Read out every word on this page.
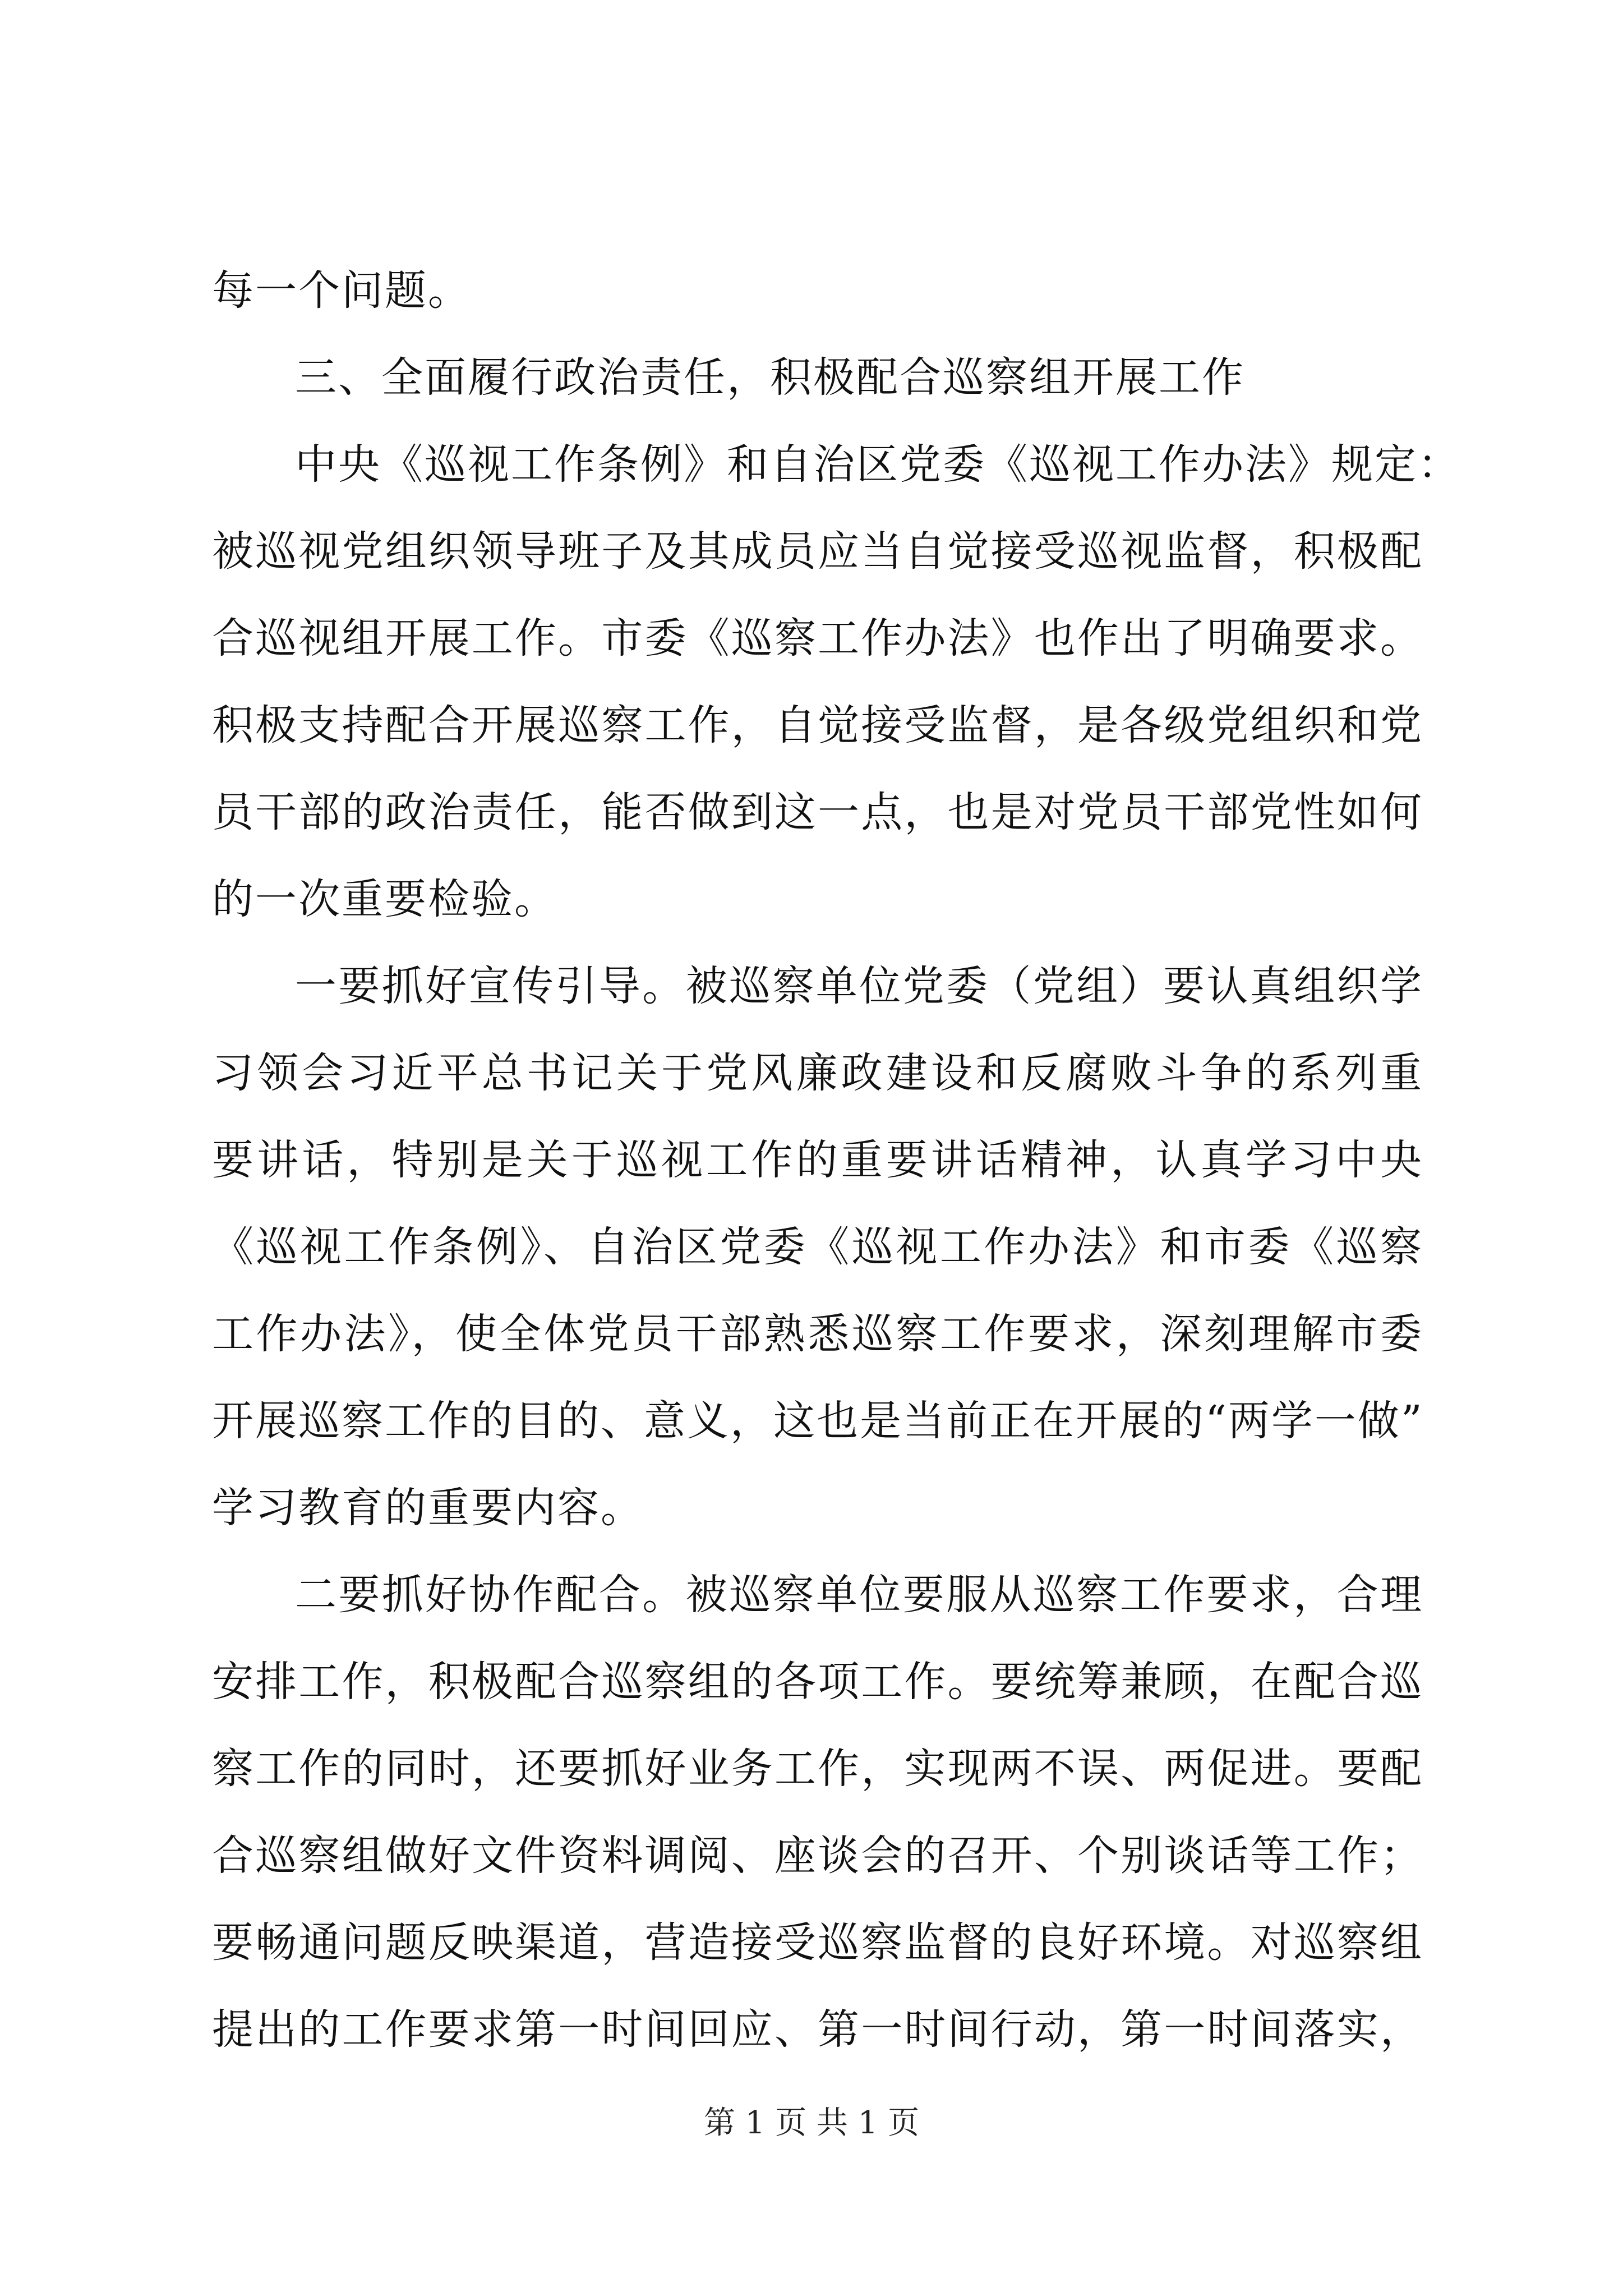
每一个问题。
三、全面履行政治责任，积极配合巡察组开展工作
中央《巡视工作条例》和自治区党委《巡视工作办法》规定：
被巡视党组织领导班子及其成员应当自觉接受巡视监督，积极配
合巡视组开展工作。市委《巡察工作办法》也作出了明确要求。
积极支持配合开展巡察工作，自觉接受监督，是各级党组织和党
员干部的政治责任，能否做到这一点，也是对党员干部党性如何
的一次重要检验。
一要抓好宣传引导。被巡察单位党委（党组）要认真组织学
习领会习近平总书记关于党风廉政建设和反腐败斗争的系列重
要讲话，特别是关于巡视工作的重要讲话精神，认真学习中央
《巡视工作条例》、自治区党委《巡视工作办法》和市委《巡察
工作办法》，使全体党员干部熟悉巡察工作要求，深刻理解市委
开展巡察工作的目的、意义，这也是当前正在开展的“两学一做”
学习教育的重要内容。
二要抓好协作配合。被巡察单位要服从巡察工作要求，合理
安排工作，积极配合巡察组的各项工作。要统筹兼顾，在配合巡
察工作的同时，还要抓好业务工作，实现两不误、两促进。要配
合巡察组做好文件资料调阅、座谈会的召开、个别谈话等工作；
要畅通问题反映渠道，营造接受巡察监督的良好环境。对巡察组
提出的工作要求第一时间回应、第一时间行动，第一时间落实，
第 1 页 共 1 页
